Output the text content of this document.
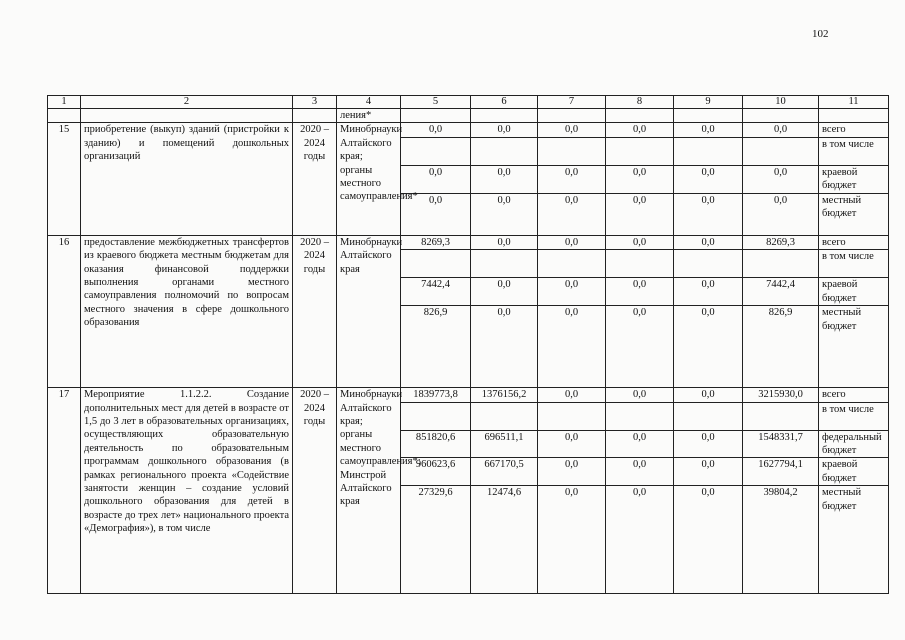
102
1	2	3	4	5	6	7	8	9	10	11
			ления*							
15	приобретение (выкуп) зданий (пристройки к зданию) и помещений дошкольных организаций	2020 – 2024 годы	Минобрнауки Алтайского края; органы местного самоуправления*	0,0	0,0	0,0	0,0	0,0	0,0	всего
										в том числе
				0,0	0,0	0,0	0,0	0,0	0,0	краевой бюджет
				0,0	0,0	0,0	0,0	0,0	0,0	местный бюджет
16	предоставление межбюджетных трансфертов из краевого бюджета местным бюджетам для оказания финансовой поддержки выполнения органами местного самоуправления полномочий по вопросам местного значения в сфере дошкольного образования	2020 – 2024 годы	Минобрнауки Алтайского края	8269,3	0,0	0,0	0,0	0,0	8269,3	всего
										в том числе
				7442,4	0,0	0,0	0,0	0,0	7442,4	краевой бюджет
				826,9	0,0	0,0	0,0	0,0	826,9	местный бюджет
17	Мероприятие 1.1.2.2. Создание дополнительных мест для детей в возрасте от 1,5 до 3 лет в образовательных организациях, осуществляющих образовательную деятельность по образовательным программам дошкольного образования (в рамках регионального проекта «Содействие занятости женщин – создание условий дошкольного образования для детей в возрасте до трех лет» национального проекта «Демография»), в том числе	2020 – 2024 годы	Минобрнауки Алтайского края; органы местного самоуправления*; Минстрой Алтайского края	1839773,8	1376156,2	0,0	0,0	0,0	3215930,0	всего
										в том числе
				851820,6	696511,1	0,0	0,0	0,0	1548331,7	федеральный бюджет
				960623,6	667170,5	0,0	0,0	0,0	1627794,1	краевой бюджет
				27329,6	12474,6	0,0	0,0	0,0	39804,2	местный бюджет
